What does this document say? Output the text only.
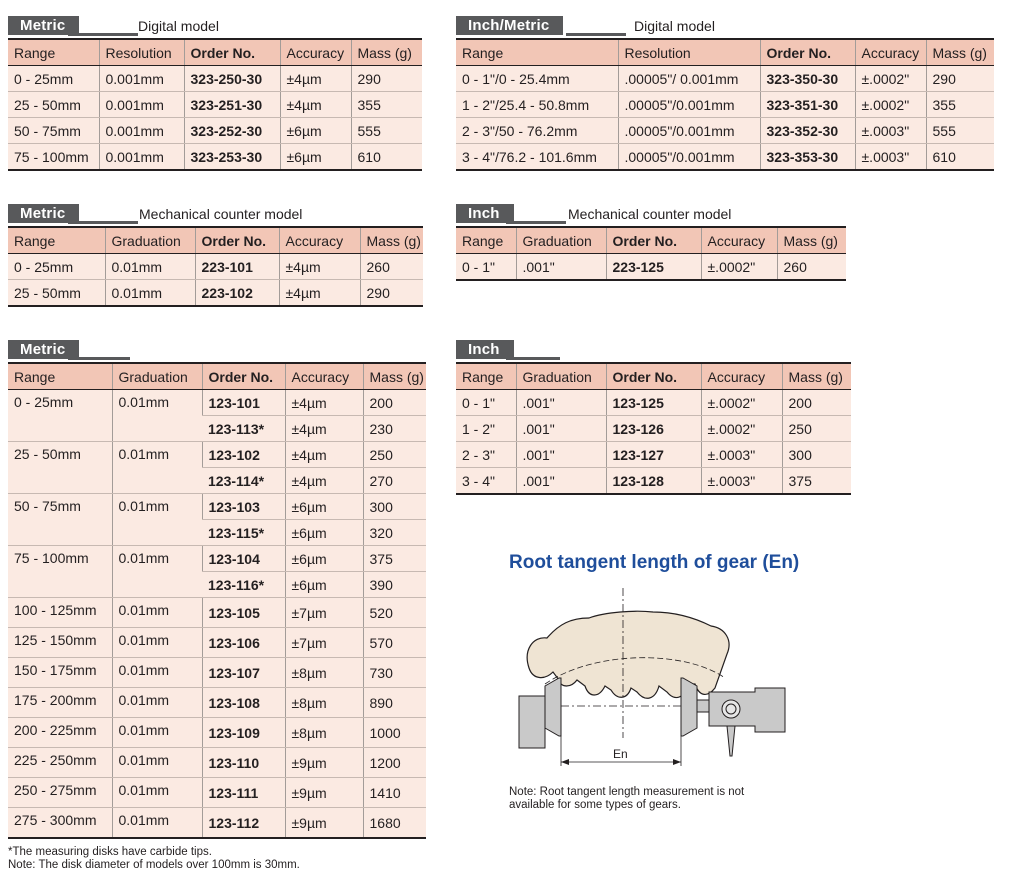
Metric	Digital model
Range	Resolution	Order No.	Accuracy	Mass (g)
0 - 25mm	0.001mm	323-250-30	±4µm	290
25 - 50mm	0.001mm	323-251-30	±4µm	355
50 - 75mm	0.001mm	323-252-30	±6µm	555
75 - 100mm	0.001mm	323-253-30	±6µm	610
Inch/Metric	Digital model
Range	Resolution	Order No.	Accuracy	Mass (g)
0 - 1"/0 - 25.4mm	.00005"/ 0.001mm	323-350-30	±.0002"	290
1 - 2"/25.4 - 50.8mm	.00005"/0.001mm	323-351-30	±.0002"	355
2 - 3"/50 - 76.2mm	.00005"/0.001mm	323-352-30	±.0003"	555
3 - 4"/76.2 - 101.6mm	.00005"/0.001mm	323-353-30	±.0003"	610
Metric	Mechanical counter model
Range	Graduation	Order No.	Accuracy	Mass (g)
0 - 25mm	0.01mm	223-101	±4µm	260
25 - 50mm	0.01mm	223-102	±4µm	290
Inch	Mechanical counter model
Range	Graduation	Order No.	Accuracy	Mass (g)
0 - 1"	.001"	223-125	±.0002"	260
Metric
Range	Graduation	Order No.	Accuracy	Mass (g)
0 - 25mm	0.01mm	123-101	±4µm	200
		123-113*	±4µm	230
25 - 50mm	0.01mm	123-102	±4µm	250
		123-114*	±4µm	270
50 - 75mm	0.01mm	123-103	±6µm	300
		123-115*	±6µm	320
75 - 100mm	0.01mm	123-104	±6µm	375
		123-116*	±6µm	390
100 - 125mm	0.01mm	123-105	±7µm	520
125 - 150mm	0.01mm	123-106	±7µm	570
150 - 175mm	0.01mm	123-107	±8µm	730
175 - 200mm	0.01mm	123-108	±8µm	890
200 - 225mm	0.01mm	123-109	±8µm	1000
225 - 250mm	0.01mm	123-110	±9µm	1200
250 - 275mm	0.01mm	123-111	±9µm	1410
275 - 300mm	0.01mm	123-112	±9µm	1680
*The measuring disks have carbide tips.
Note: The disk diameter of models over 100mm is 30mm.
Inch
Range	Graduation	Order No.	Accuracy	Mass (g)
0 - 1"	.001"	123-125	±.0002"	200
1 - 2"	.001"	123-126	±.0002"	250
2 - 3"	.001"	123-127	±.0003"	300
3 - 4"	.001"	123-128	±.0003"	375
Root tangent length of gear (En)
En
Note: Root tangent length measurement is not
available for some types of gears.
